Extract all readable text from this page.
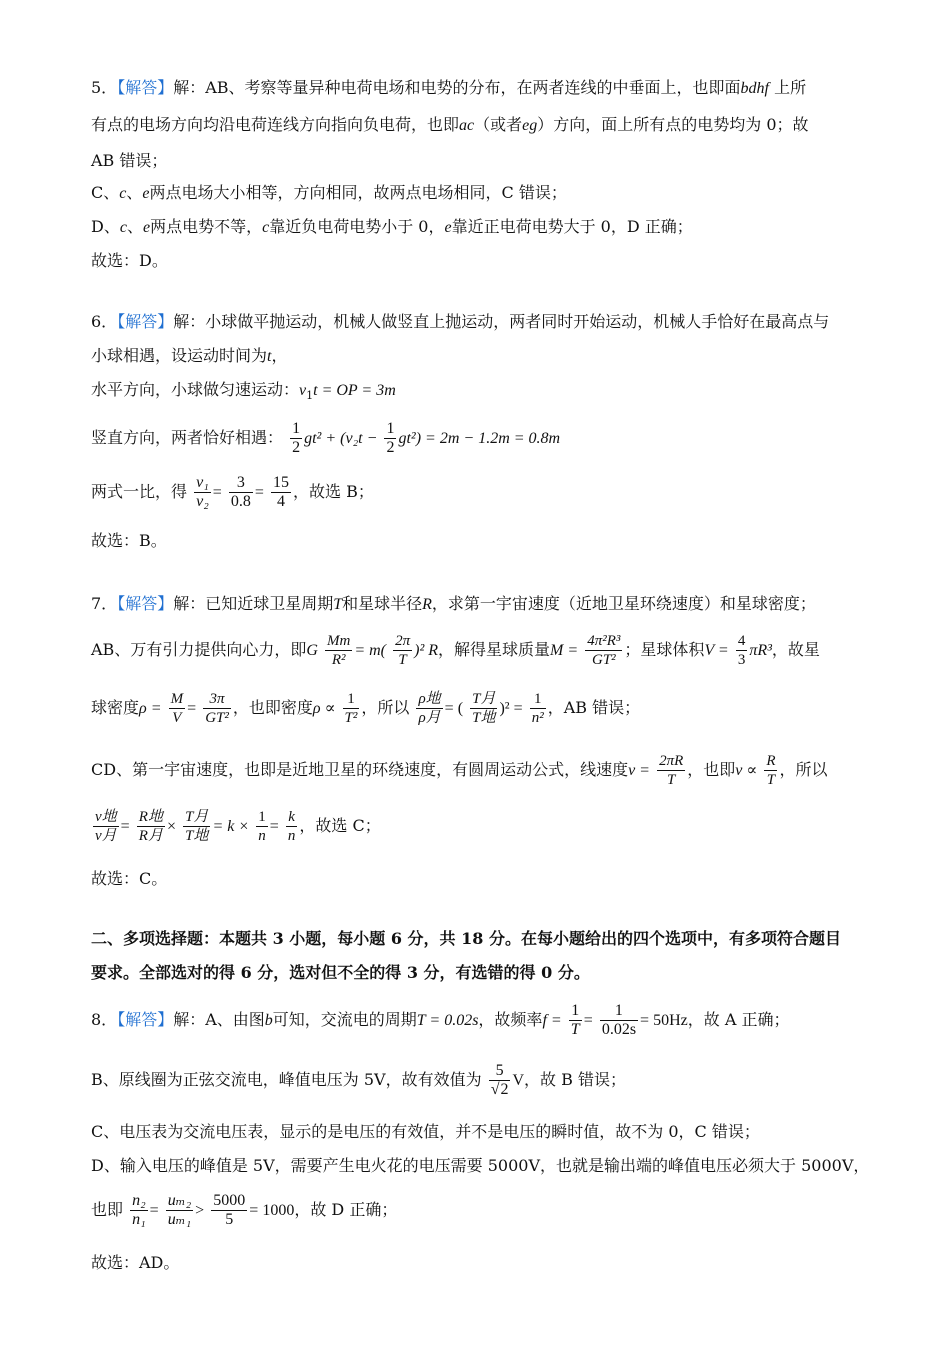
5．【解答】解：AB、考察等量异种电荷电场和电势的分布，在两者连线的中垂面上，也即面bdhf 上所
有点的电场方向均沿电荷连线方向指向负电荷，也即ac（或者eg）方向，面上所有点的电势均为 0；故
AB 错误；
C、c、e两点电场大小相等，方向相同，故两点电场相同，C 错误；
D、c、e两点电势不等，c靠近负电荷电势小于 0，e靠近正电荷电势大于 0，D 正确；
故选：D。
6．【解答】解：小球做平抛运动，机械人做竖直上抛运动，两者同时开始运动，机械人手恰好在最高点与
小球相遇，设运动时间为t，
水平方向，小球做匀速运动：$v_1t$ = OP = 3m
竖直方向，两者恰好相遇： $\frac{1}{2} gt^2 + (v_2t - \frac{1}{2} gt^2) = 2m - 1.2m = 0.8m$
两式一比，得 $\frac{\text{v₁}}{\text{v₂}} = \frac{3}{0.8} = \frac{15}{4}$ ，故选 B；
故选：B。
7．【解答】解：已知近球卫星周期T和星球半径R，求第一宇宙速度（近地卫星环绕速度）和星球密度；
AB、万有引力提供向心力，即G $\frac{Mm}{\text{R²}} = m( \frac{2\pi}{T} )^2$ R，解得星球质量$M = \frac{\text{4π²R³}}{\text{GT²}}$ ；星球体积$V = \frac{4}{3} \pi R^3$，故星
球密度$\rho = \frac{M}{V} = \frac{3\pi}{\text{GT²}}$ ，也即密度$\rho \propto \frac{1}{\text{T²}}$ ，所以 $\frac{\text{ρ地}}{\text{ρ月}}$ = ( $\frac{\text{T月}}{\text{T地}} )^2 = \frac{1}{\text{n²}}$ ，AB 错误；
CD、第一宇宙速度，也即是近地卫星的环绕速度，有圆周运动公式，线速度$v = \frac{2\pi R}{T}$ ，也即$v \propto \frac{R}{T}$ ，所以
$\frac{\text{v地}}{\text{v月}} = \frac{\text{R地}}{\text{R月}} \times \frac{\text{T月}}{\text{T地}} = k \times \frac{1}{n} = \frac{k}{n}$ ，故选 C；
故选：C。
二、多项选择题：本题共 3 小题，每小题 6 分，共 18 分。在每小题给出的四个选项中，有多项符合题目
要求。全部选对的得 6 分，选对但不全的得 3 分，有选错的得 0 分。
8．【解答】解：A、由图b可知，交流电的周期T = 0.02s，故频率$f = \frac{1}{T} = \frac{1}{0.02s} = 50Hz$，故 A 正确；
B、原线圈为正弦交流电，峰值电压为 5V，故有效值为 $\frac{5}{√2}$ V，故 B 错误；
C、电压表为交流电压表，显示的是电压的有效值，并不是电压的瞬时值，故不为 0，C 错误；
D、输入电压的峰值是 5V，需要产生电火花的电压需要 5000V，也就是输出端的峰值电压必须大于 5000V，
也即 $\frac{\text{n₂}}{\text{n₁}} = \frac{\text{uₘ₂}}{\text{uₘ₁}} > \frac{5000}{5} = 1000$，故 D 正确；
故选：AD。
